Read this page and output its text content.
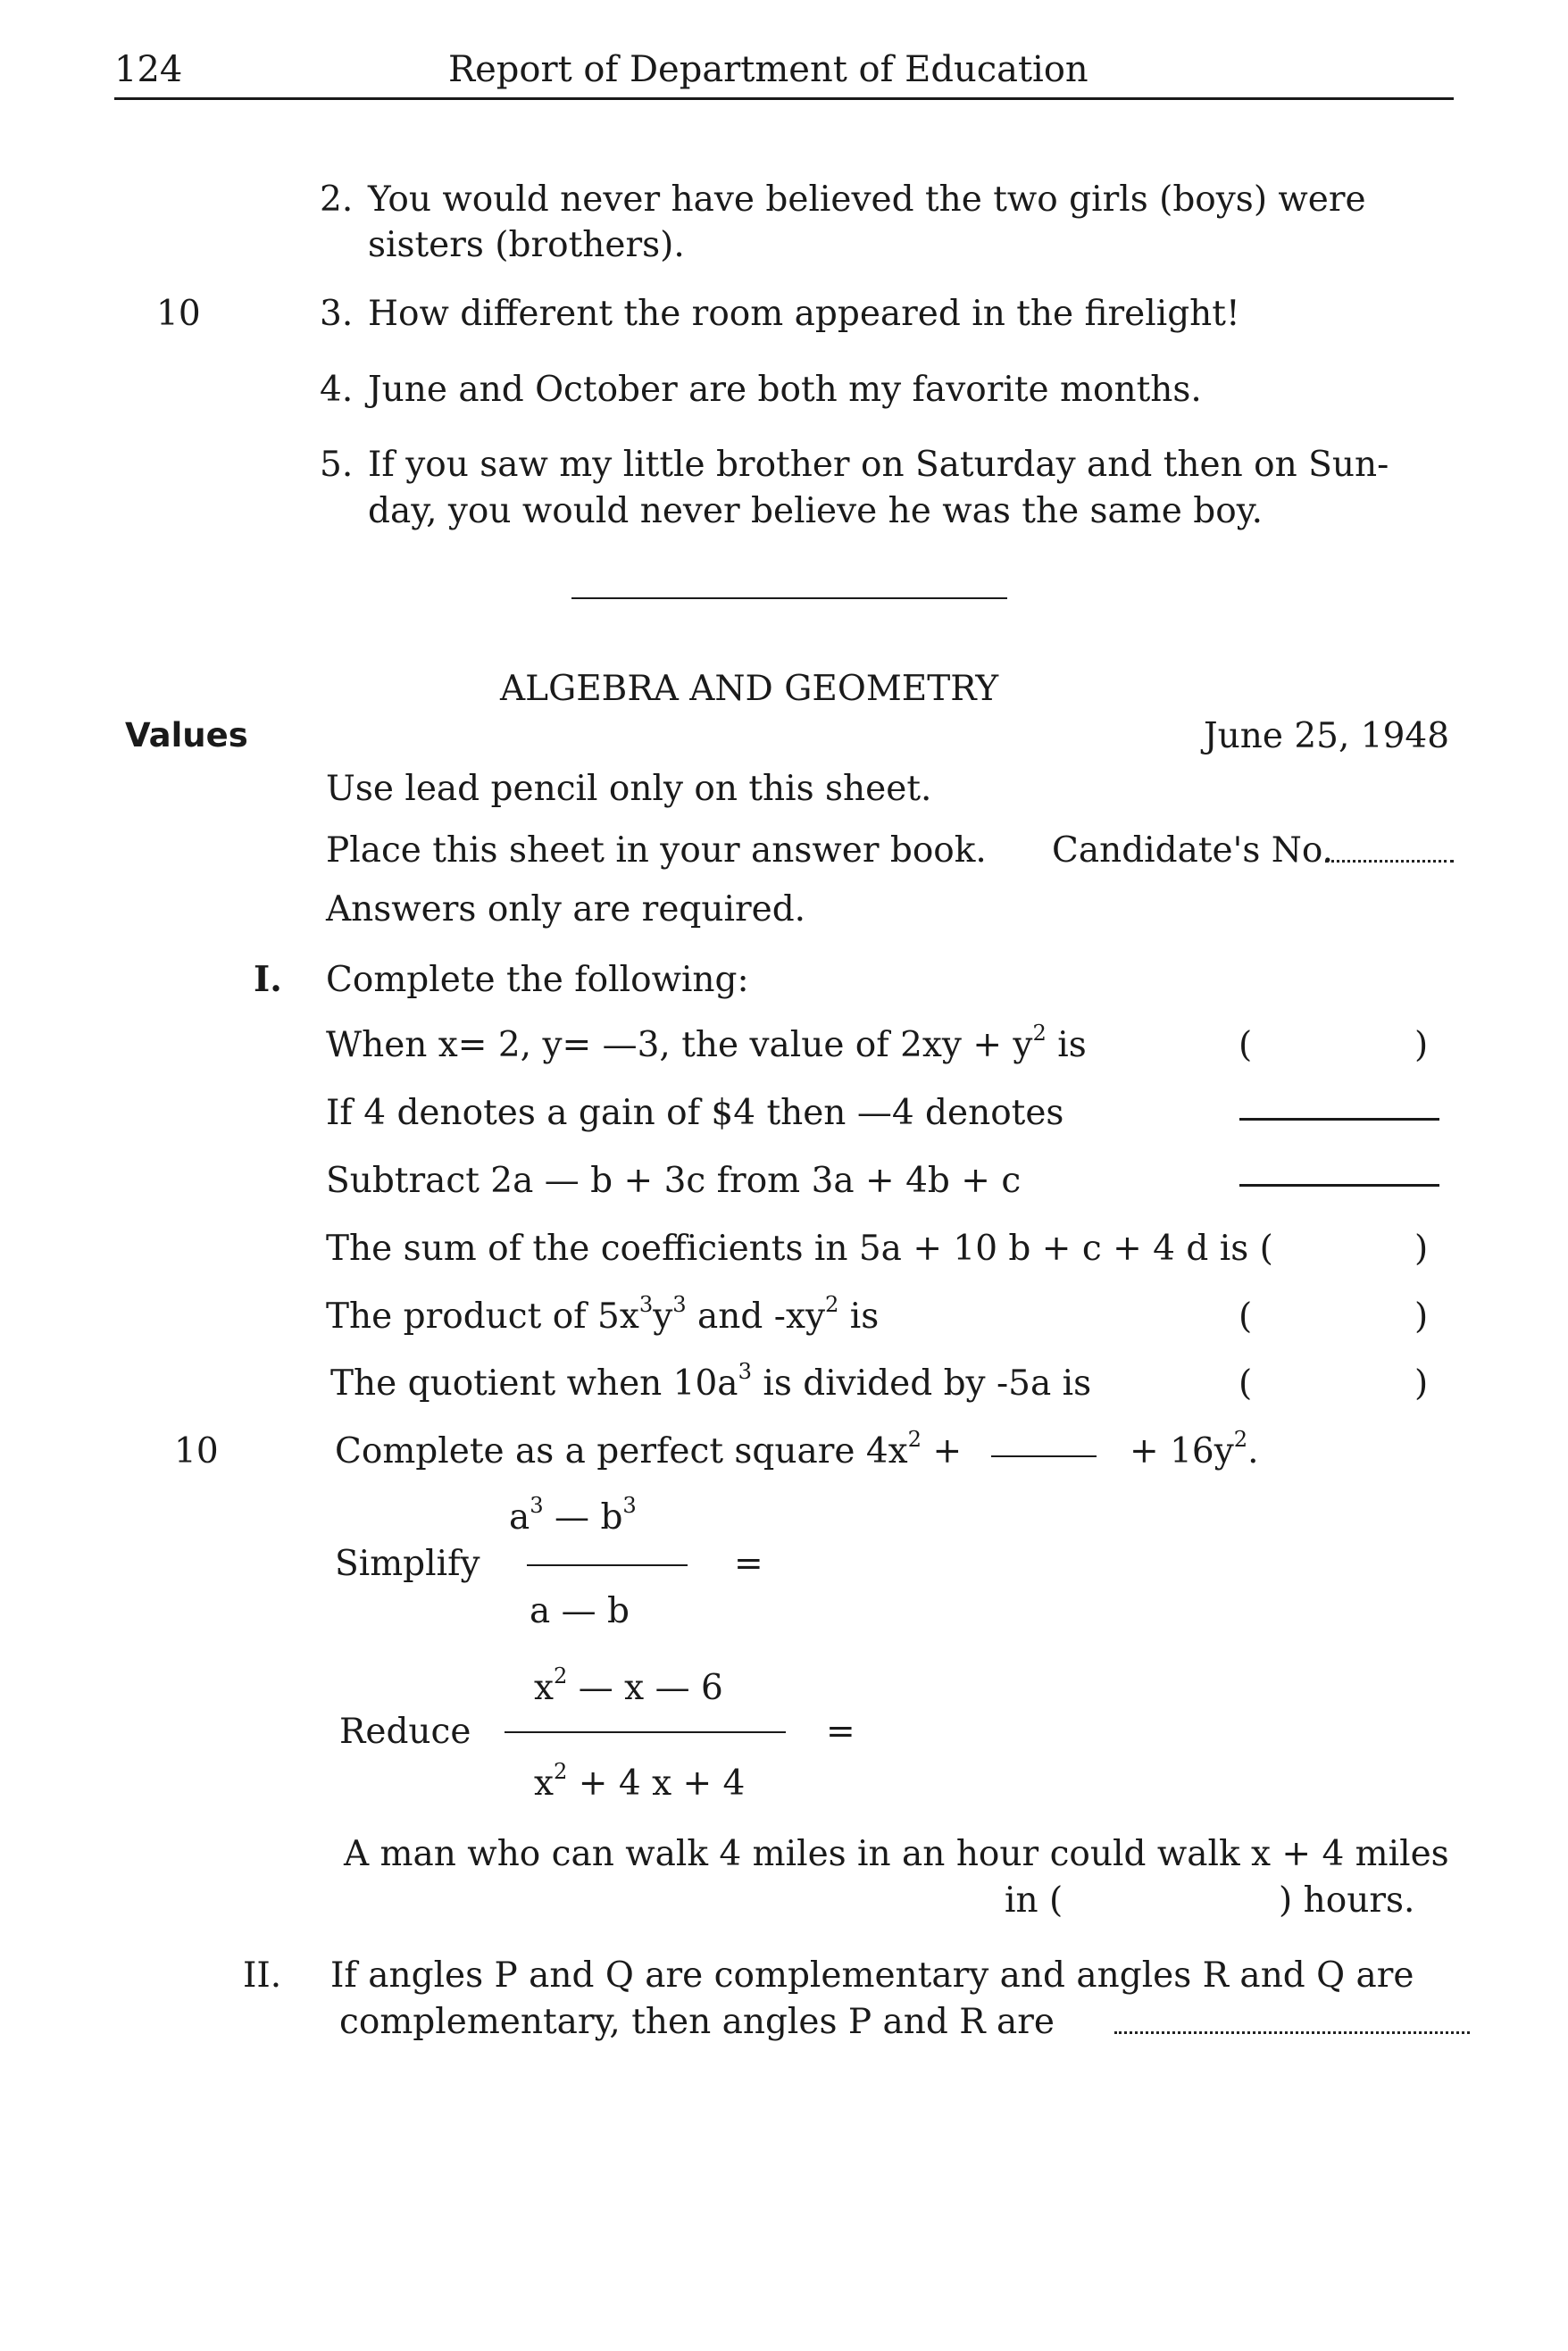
124	Report of Department of Education
2. You would never have believed the two girls (boys) were
sisters (brothers).
10	3. How different the room appeared in the firelight!
4. June and October are both my favorite months.
5. If you saw my little brother on Saturday and then on Sun-
day, you would never believe he was the same boy.
ALGEBRA AND GEOMETRY
Values	June 25, 1948
Use lead pencil only on this sheet.
Place this sheet in your answer book. Candidate's No.
Answers only are required.
I. Complete the following:
When x= 2, y= —3, the value of $2xy + y^2$ is	(	)
If 4 denotes a gain of $4 then —4 denotes
Subtract 2a — b + 3c from 3a + 4b + c
The sum of the coefficients in 5a + 10 b + c + 4 d is (	)
The product of $5x^3y^3$ and $-xy^2$ is	(	)
The quotient when $10a^3$ is divided by -5a is	(	)
10	Complete as a perfect square $4x^2$ +	+ $16y^2$.
$a^3$ — $b^3$
Simplify	=
a — b
$x^2$ — x — 6
Reduce	=
$x^2 + 4$ x + 4
A man who can walk 4 miles in an hour could walk x + 4 miles
in (	) hours.
II. If angles P and Q are complementary and angles R and Q are
complementary, then angles P and R are
